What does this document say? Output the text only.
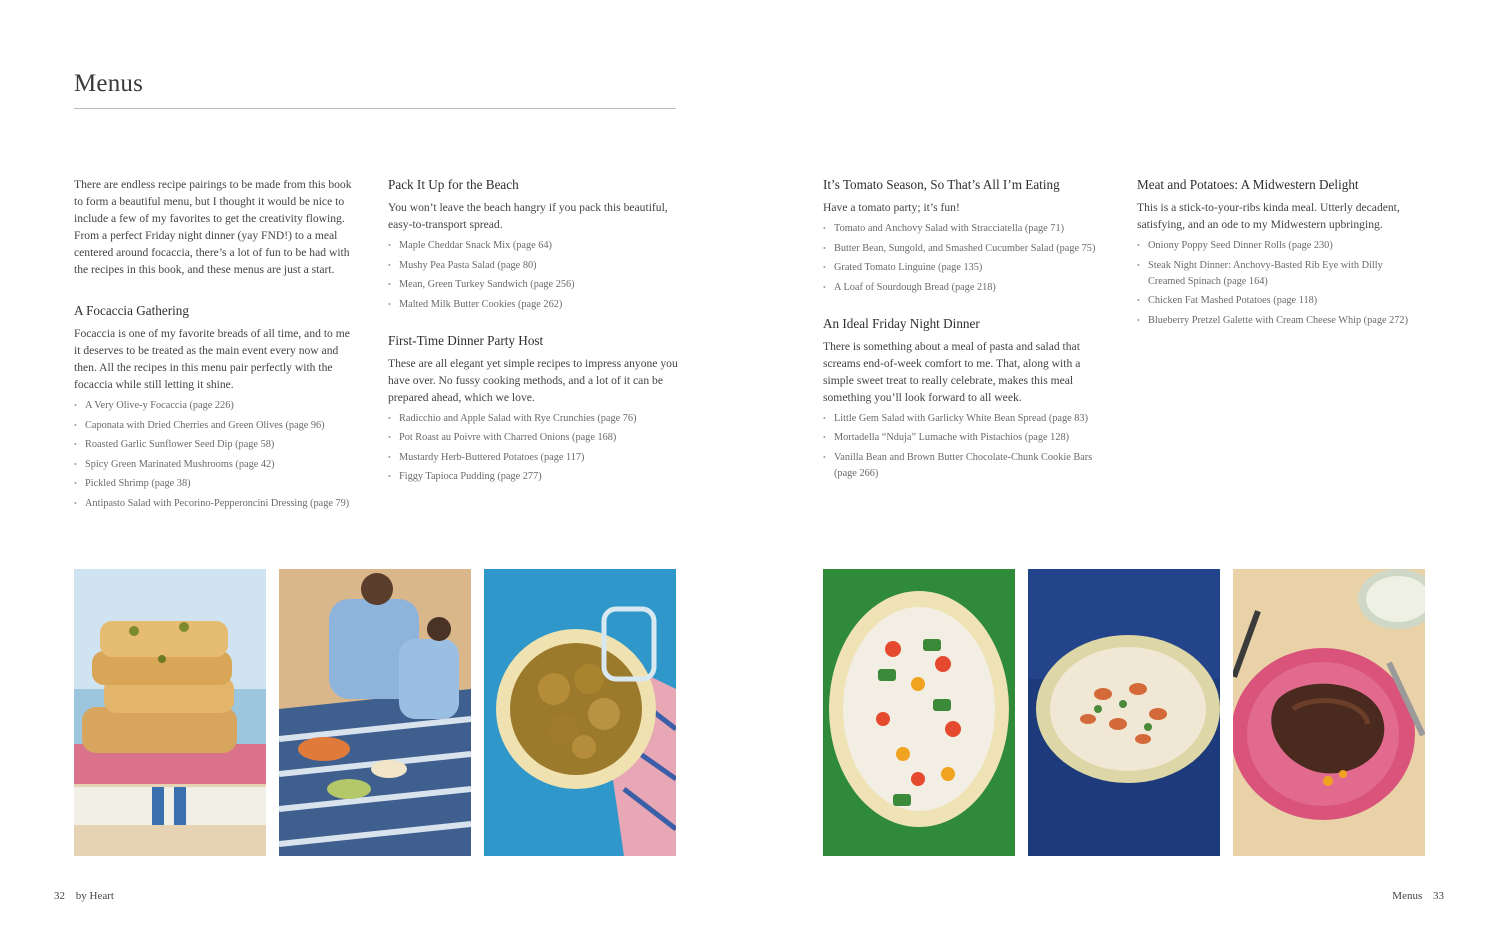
Menus

There are endless recipe pairings to be made from this book to form a beautiful menu, but I thought it would be nice to include a few of my favorites to get the creativity flowing. From a perfect Friday night dinner (yay FND!) to a meal centered around focaccia, there’s a lot of fun to be had with the recipes in this book, and these menus are just a start.

A Focaccia Gathering

Focaccia is one of my favorite breads of all time, and to me it deserves to be treated as the main event every now and then. All the recipes in this menu pair perfectly with the focaccia while still letting it shine.

• A Very Olive-y Focaccia (page 226)
• Caponata with Dried Cherries and Green Olives (page 96)
• Roasted Garlic Sunflower Seed Dip (page 58)
• Spicy Green Marinated Mushrooms (page 42)
• Pickled Shrimp (page 38)
• Antipasto Salad with Pecorino-Pepperoncini Dressing (page 79)
Pack It Up for the Beach

You won’t leave the beach hangry if you pack this beautiful, easy-to-transport spread.

• Maple Cheddar Snack Mix (page 64)
• Mushy Pea Pasta Salad (page 80)
• Mean, Green Turkey Sandwich (page 256)
• Malted Milk Butter Cookies (page 262)
First-Time Dinner Party Host

These are all elegant yet simple recipes to impress anyone you have over. No fussy cooking methods, and a lot of it can be prepared ahead, which we love.

• Radicchio and Apple Salad with Rye Crunchies (page 76)
• Pot Roast au Poivre with Charred Onions (page 168)
• Mustardy Herb-Buttered Potatoes (page 117)
• Figgy Tapioca Pudding (page 277)
It’s Tomato Season, So That’s All I’m Eating

Have a tomato party; it’s fun!

• Tomato and Anchovy Salad with Stracciatella (page 71)
• Butter Bean, Sungold, and Smashed Cucumber Salad (page 75)
• Grated Tomato Linguine (page 135)
• A Loaf of Sourdough Bread (page 218)
An Ideal Friday Night Dinner

There is something about a meal of pasta and salad that screams end-of-week comfort to me. That, along with a simple sweet treat to really celebrate, makes this meal something you’ll look forward to all week.

• Little Gem Salad with Garlicky White Bean Spread (page 83)
• Mortadella “Nduja” Lumache with Pistachios (page 128)
• Vanilla Bean and Brown Butter Chocolate-Chunk Cookie Bars (page 266)
Meat and Potatoes: A Midwestern Delight

This is a stick-to-your-ribs kinda meal. Utterly decadent, satisfying, and an ode to my Midwestern upbringing.

• Oniony Poppy Seed Dinner Rolls (page 230)
• Steak Night Dinner: Anchovy-Basted Rib Eye with Dilly Creamed Spinach (page 164)
• Chicken Fat Mashed Potatoes (page 118)
• Blueberry Pretzel Galette with Cream Cheese Whip (page 272)
32 by Heart	Menus 33
